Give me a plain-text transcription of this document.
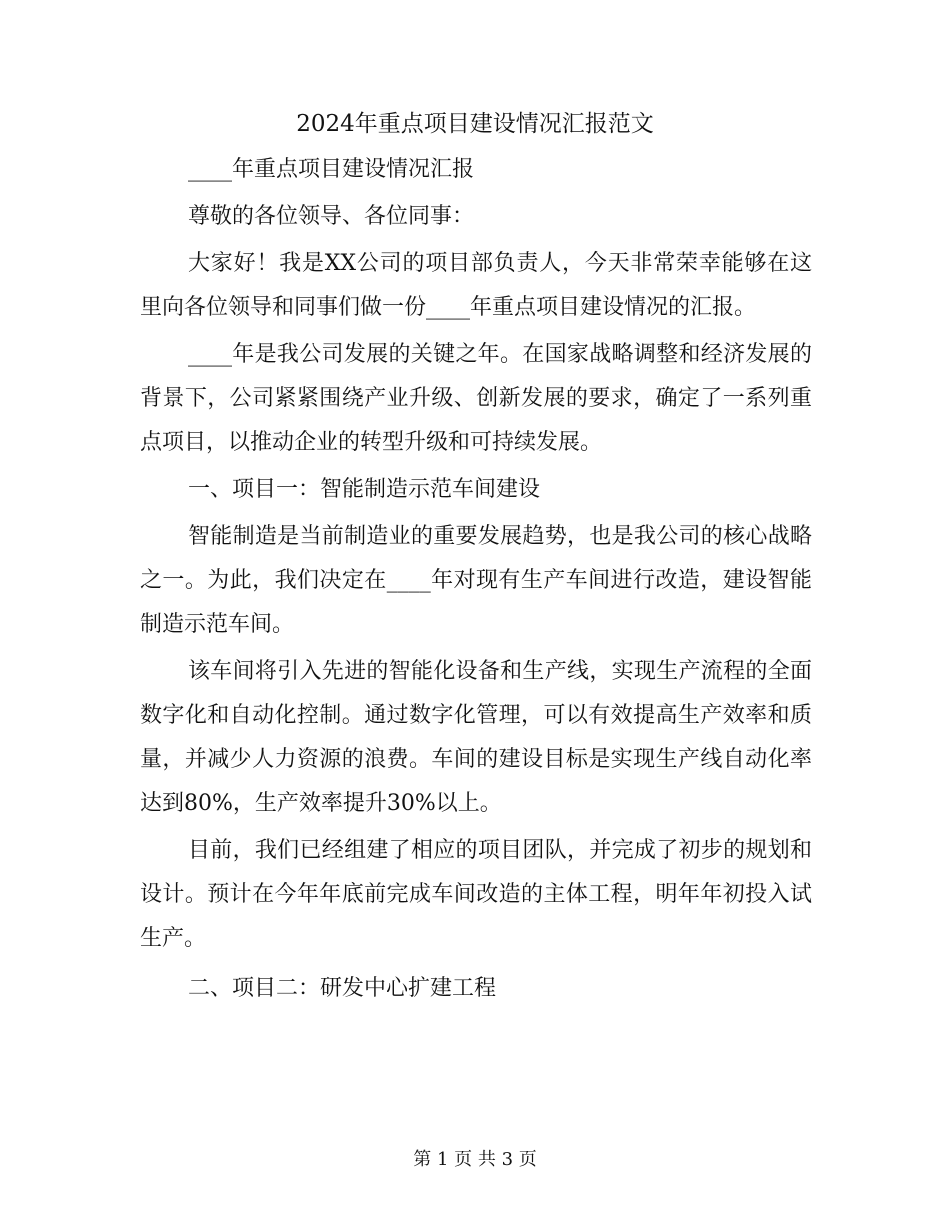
2024年重点项目建设情况汇报范文

____年重点项目建设情况汇报

尊敬的各位领导、各位同事：

大家好！我是XX公司的项目部负责人，今天非常荣幸能够在这里向各位领导和同事们做一份____年重点项目建设情况的汇报。

____年是我公司发展的关键之年。在国家战略调整和经济发展的背景下，公司紧紧围绕产业升级、创新发展的要求，确定了一系列重点项目，以推动企业的转型升级和可持续发展。

一、项目一：智能制造示范车间建设

智能制造是当前制造业的重要发展趋势，也是我公司的核心战略之一。为此，我们决定在____年对现有生产车间进行改造，建设智能制造示范车间。

该车间将引入先进的智能化设备和生产线，实现生产流程的全面数字化和自动化控制。通过数字化管理，可以有效提高生产效率和质量，并减少人力资源的浪费。车间的建设目标是实现生产线自动化率达到80%，生产效率提升30%以上。

目前，我们已经组建了相应的项目团队，并完成了初步的规划和设计。预计在今年年底前完成车间改造的主体工程，明年年初投入试生产。

二、项目二：研发中心扩建工程

第 1 页 共 3 页
